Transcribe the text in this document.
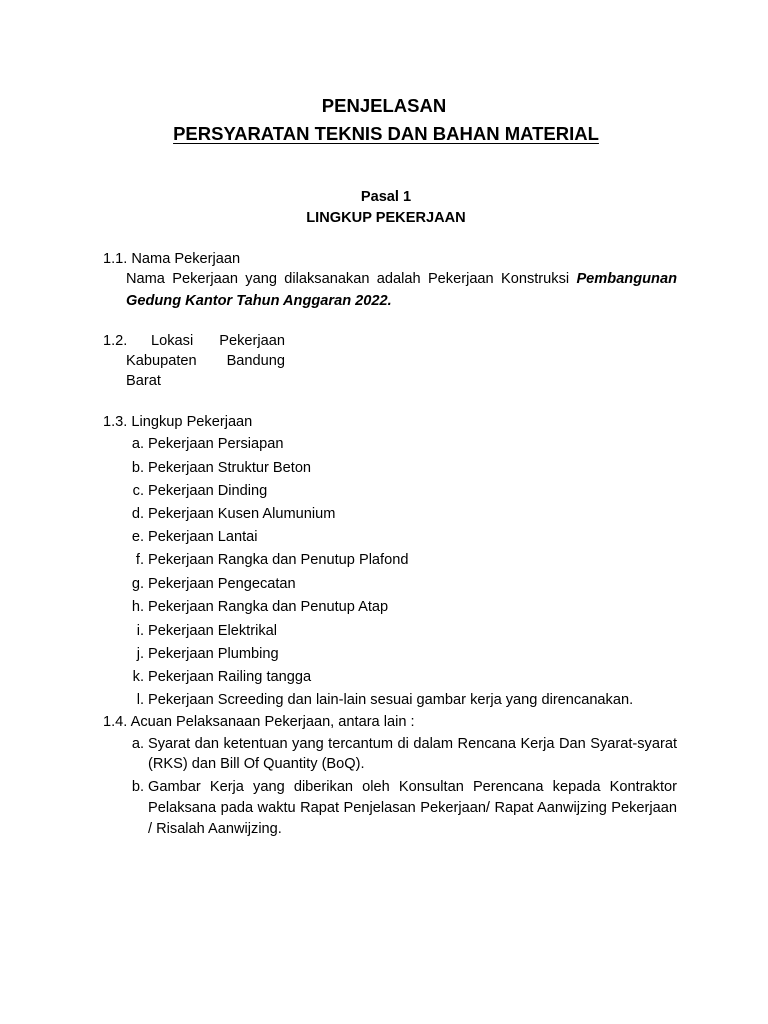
PENJELASAN
PERSYARATAN TEKNIS DAN BAHAN MATERIAL
Pasal 1
LINGKUP PEKERJAAN
1.1. Nama Pekerjaan
Nama Pekerjaan yang dilaksanakan adalah Pekerjaan Konstruksi Pembangunan Gedung Kantor Tahun Anggaran 2022.
1.2. Lokasi Pekerjaan
Kabupaten Bandung
Barat
1.3. Lingkup Pekerjaan
a. Pekerjaan Persiapan
b. Pekerjaan Struktur Beton
c. Pekerjaan Dinding
d. Pekerjaan Kusen Alumunium
e. Pekerjaan Lantai
f. Pekerjaan Rangka dan Penutup Plafond
g. Pekerjaan Pengecatan
h. Pekerjaan Rangka dan Penutup Atap
i. Pekerjaan Elektrikal
j. Pekerjaan Plumbing
k. Pekerjaan Railing tangga
l. Pekerjaan Screeding dan lain-lain sesuai gambar kerja yang direncanakan.
1.4. Acuan Pelaksanaan Pekerjaan, antara lain :
a. Syarat dan ketentuan yang tercantum di dalam Rencana Kerja Dan Syarat-syarat (RKS) dan Bill Of Quantity (BoQ).
b. Gambar Kerja yang diberikan oleh Konsultan Perencana kepada Kontraktor Pelaksana pada waktu Rapat Penjelasan Pekerjaan/ Rapat Aanwijzing Pekerjaan / Risalah Aanwijzing.
